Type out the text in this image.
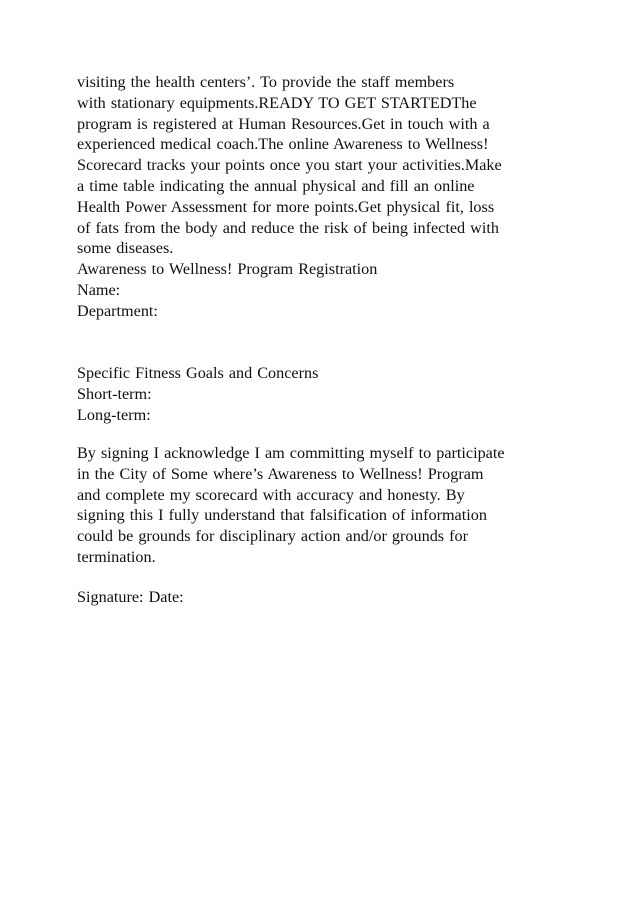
visiting the health centers’. To provide the staff members
with stationary equipments.READY TO GET STARTEDThe
program is registered at Human Resources.Get in touch with a
experienced medical coach.The online Awareness to Wellness!
Scorecard tracks your points once you start your activities.Make
a time table indicating the annual physical and fill an online
Health Power Assessment for more points.Get physical fit, loss
of fats from the body and reduce the risk of being infected with
some diseases.
Awareness to Wellness! Program Registration
Name:
Department:
Specific Fitness Goals and Concerns
Short-term:
Long-term:
By signing I acknowledge I am committing myself to participate
in the City of Some where’s Awareness to Wellness! Program
and complete my scorecard with accuracy and honesty. By
signing this I fully understand that falsification of information
could be grounds for disciplinary action and/or grounds for
termination.
Signature: Date:
